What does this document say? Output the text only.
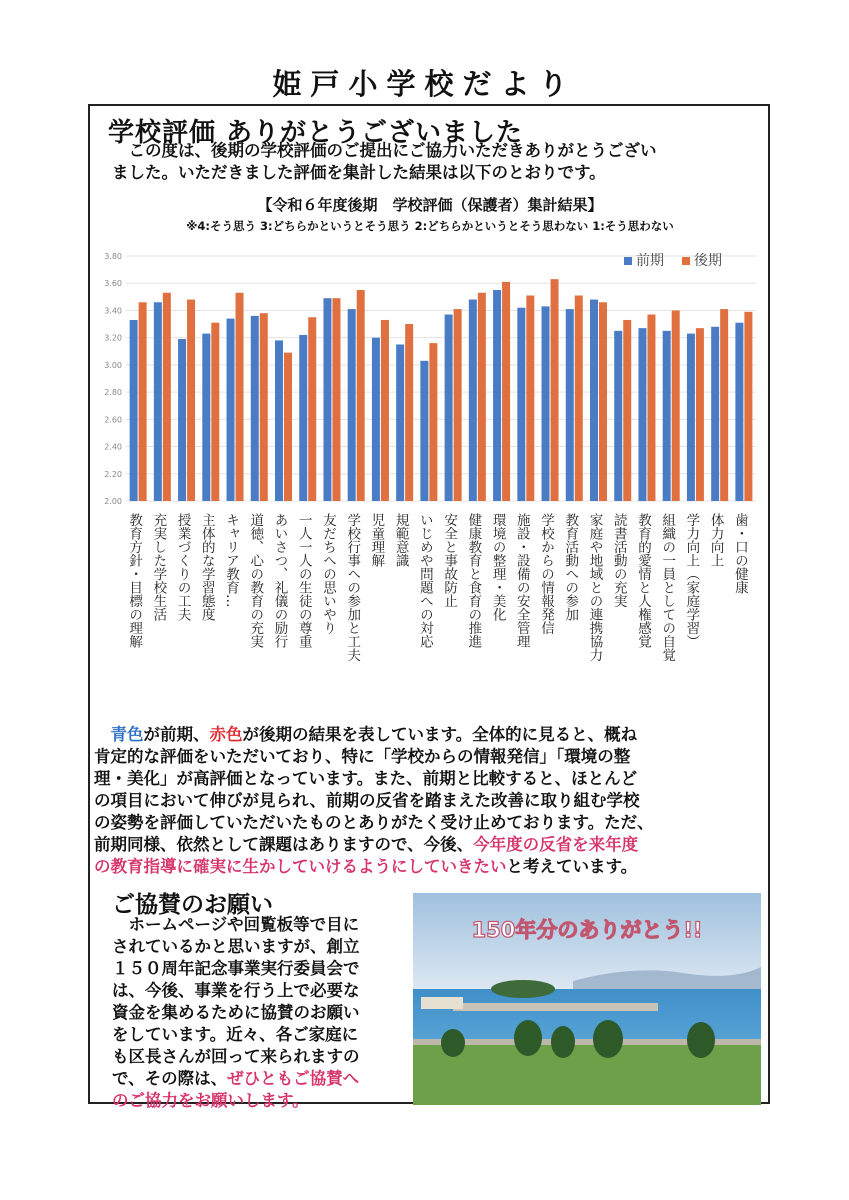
姫戸小学校だより
学校評価 ありがとうございました
この度は、後期の学校評価のご提出にご協力いただきありがとうござい
ました。いただきました評価を集計した結果は以下のとおりです。
【令和６年度後期　学校評価（保護者）集計結果】
※4:そう思う 3:どちらかというとそう思う 2:どちらかというとそう思わない 1:そう思わない
2.00
2.20
2.40
2.60
2.80
3.00
3.20
3.40
3.60
3.80
教育方針・目標の理解 充実した学校生活 授業づくりの工夫 主体的な学習態度 キャリア教育… 道徳、心の教育の充実 あいさつ、礼儀の励行 一人一人の生徒の尊重 友だちへの思いやり 学校行事への参加と工夫 児童理解 規範意識 いじめや問題への対応 安全と事故防止 健康教育と食育の推進 環境の整理・美化 施設・設備の安全管理 学校からの情報発信 教育活動への参加 家庭や地域との連携協力 読書活動の充実 教育的愛情と人権感覚 組織の一員としての自覚 学力向上（家庭学習） 体力向上 歯・口の健康
前期 後期
青色が前期、赤色が後期の結果を表しています。全体的に見ると、概ね
肯定的な評価をいただいており、特に「学校からの情報発信」「環境の整
理・美化」が高評価となっています。また、前期と比較すると、ほとんど
の項目において伸びが見られ、前期の反省を踏まえた改善に取り組む学校
の姿勢を評価していただいたものとありがたく受け止めております。ただ、
前期同様、依然として課題はありますので、今後、今年度の反省を来年度
の教育指導に確実に生かしていけるようにしていきたいと考えています。
ご協賛のお願い
ホームページや回覧板等で目に
されているかと思いますが、創立
１５０周年記念事業実行委員会で
は、今後、事業を行う上で必要な
資金を集めるために協賛のお願い
をしています。近々、各ご家庭に
も区長さんが回って来られますの
で、その際は、ぜひともご協賛へ
のご協力をお願いします。
150年分のありがとう!!
